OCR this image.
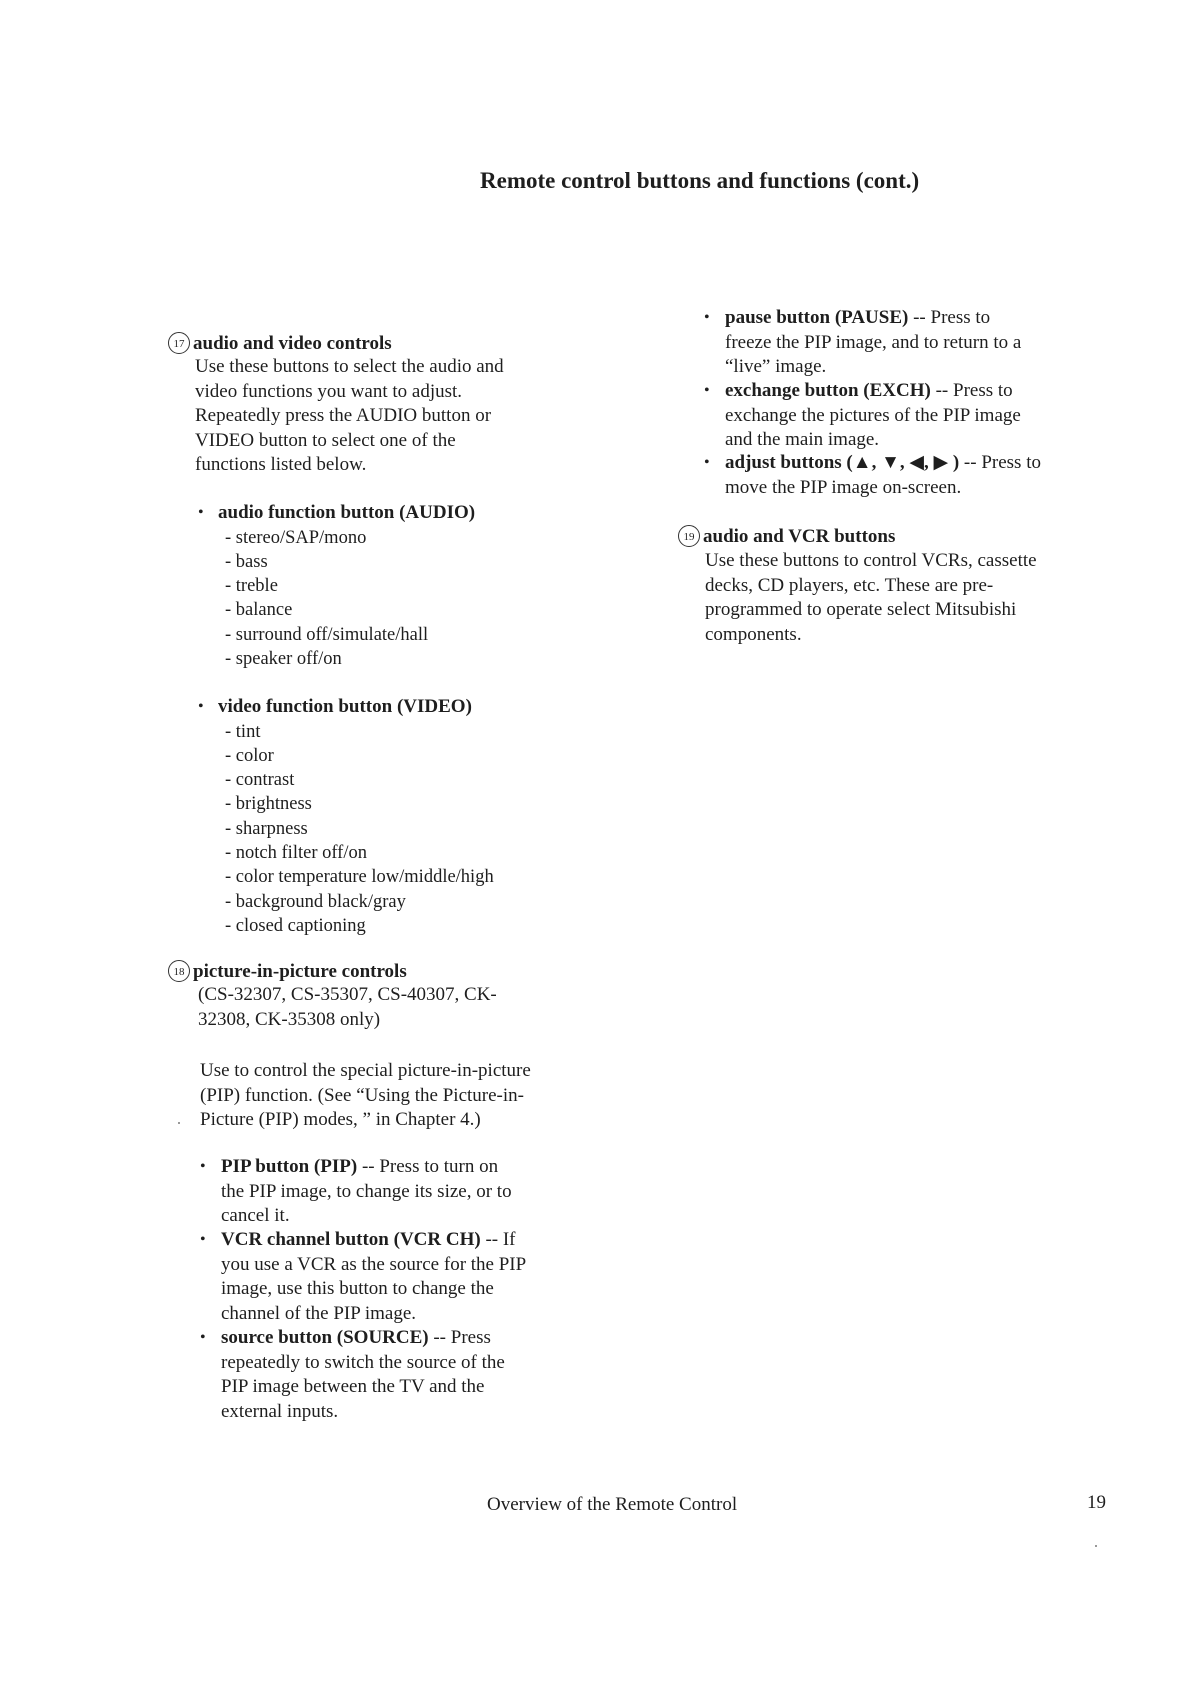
Remote control buttons and functions (cont.)
17 audio and video controls

Use these buttons to select the audio and
video functions you want to adjust.
Repeatedly press the AUDIO button or
VIDEO button to select one of the
functions listed below.

• audio function button (AUDIO)
- stereo/SAP/mono
- bass
- treble
- balance
- surround off/simulate/hall
- speaker off/on
• video function button (VIDEO)
- tint
- color
- contrast
- brightness
- sharpness
- notch filter off/on
- color temperature low/middle/high
- background black/gray
- closed captioning
18 picture-in-picture controls

(CS-32307, CS-35307, CS-40307, CK-
32308, CK-35308 only)

Use to control the special picture-in-picture
(PIP) function. (See “Using the Picture-in-
Picture (PIP) modes, ” in Chapter 4.)

• PIP button (PIP) -- Press to turn on
the PIP image, to change its size, or to
cancel it.
• VCR channel button (VCR CH) -- If
you use a VCR as the source for the PIP
image, use this button to change the
channel of the PIP image.
• source button (SOURCE) -- Press
repeatedly to switch the source of the
PIP image between the TV and the
external inputs.
• pause button (PAUSE) -- Press to
freeze the PIP image, and to return to a
“live” image.
• exchange button (EXCH) -- Press to
exchange the pictures of the PIP image
and the main image.
• adjust buttons (▲, ▼, ◀, ▶ ) -- Press to
move the PIP image on-screen.
19 audio and VCR buttons

Use these buttons to control VCRs, cassette
decks, CD players, etc. These are pre-
programmed to operate select Mitsubishi
components.

Overview of the Remote Control	19
